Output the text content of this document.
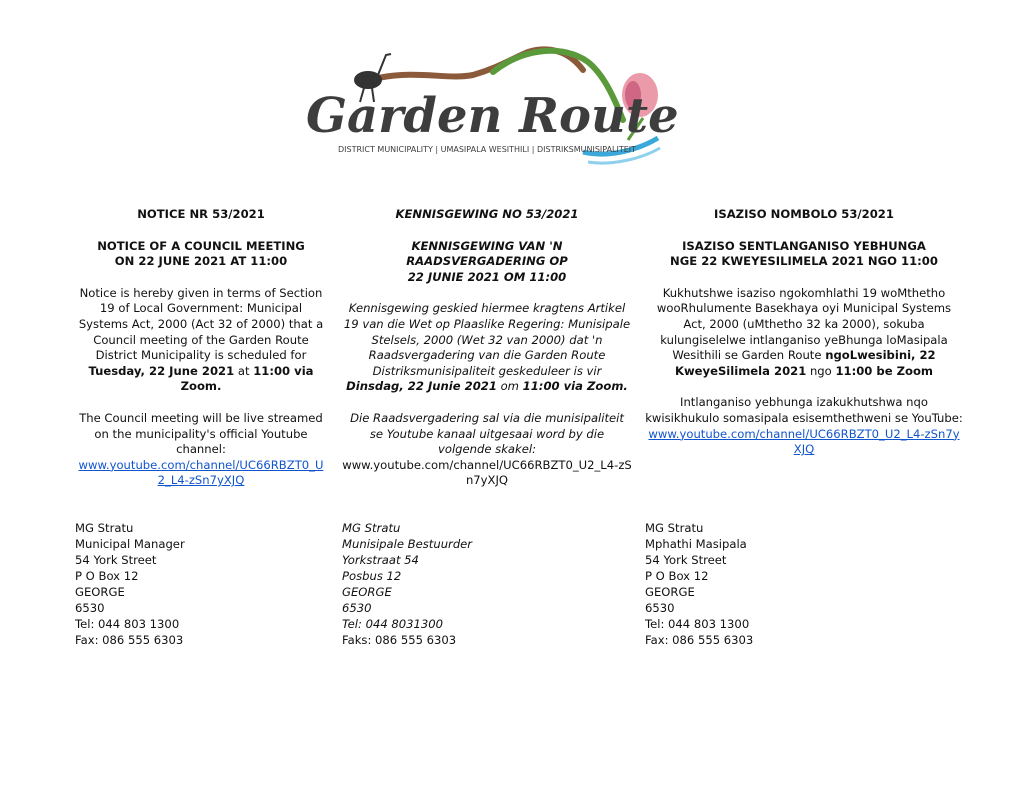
Garden Route
DISTRICT MUNICIPALITY | UMASIPALA WESITHILI | DISTRIKSMUNISIPALITEIT

NOTICE NR 53/2021

NOTICE OF A COUNCIL MEETING

ON 22 JUNE 2021 AT 11:00

Notice is hereby given in terms of Section 19 of Local Government: Municipal Systems Act, 2000 (Act 32 of 2000) that a Council meeting of the Garden Route District Municipality is scheduled for Tuesday, 22 June 2021 at 11:00 via Zoom.

The Council meeting will be live streamed on the municipality's official Youtube channel:

www.youtube.com/channel/UC66RBZT0_U2_L4-zSn7yXJQ

KENNISGEWING NO 53/2021

KENNISGEWING VAN 'N

RAADSVERGADERING OP

22 JUNIE 2021 OM 11:00

Kennisgewing geskied hiermee kragtens Artikel 19 van die Wet op Plaaslike Regering: Munisipale Stelsels, 2000 (Wet 32 van 2000) dat 'n Raadsvergadering van die Garden Route Distriksmunisipaliteit geskeduleer is vir Dinsdag, 22 Junie 2021 om 11:00 via Zoom.

Die Raadsvergadering sal via die munisipaliteit se Youtube kanaal uitgesaai word by die volgende skakel:

www.youtube.com/channel/UC66RBZT0_U2_L4-zSn7yXJQ

ISAZISO NOMBOLO 53/2021

ISAZISO SENTLANGANISO YEBHUNGA

NGE 22 KWEYESILIMELA 2021 NGO 11:00

Kukhutshwe isaziso ngokomhlathi 19 woMthetho wooRhulumente Basekhaya oyi Municipal Systems Act, 2000 (uMthetho 32 ka 2000), sokuba kulungiselelwe intlanganiso yeBhunga loMasipala Wesithili se Garden Route ngoLwesibini, 22 KweyeSilimela 2021 ngo 11:00 be Zoom

Intlanganiso yebhunga izakukhutshwa nqo kwisikhukulo somasipala esisemthethweni se YouTube:

www.youtube.com/channel/UC66RBZT0_U2_L4-zSn7yXJQ

MG Stratu

Municipal Manager

54 York Street

P O Box 12

GEORGE

6530

Tel: 044 803 1300

Fax: 086 555 6303

MG Stratu

Munisipale Bestuurder

Yorkstraat 54

Posbus 12

GEORGE

6530

Tel: 044 8031300

Faks: 086 555 6303

MG Stratu

Mphathi Masipala

54 York Street

P O Box 12

GEORGE

6530

Tel: 044 803 1300

Fax: 086 555 6303
